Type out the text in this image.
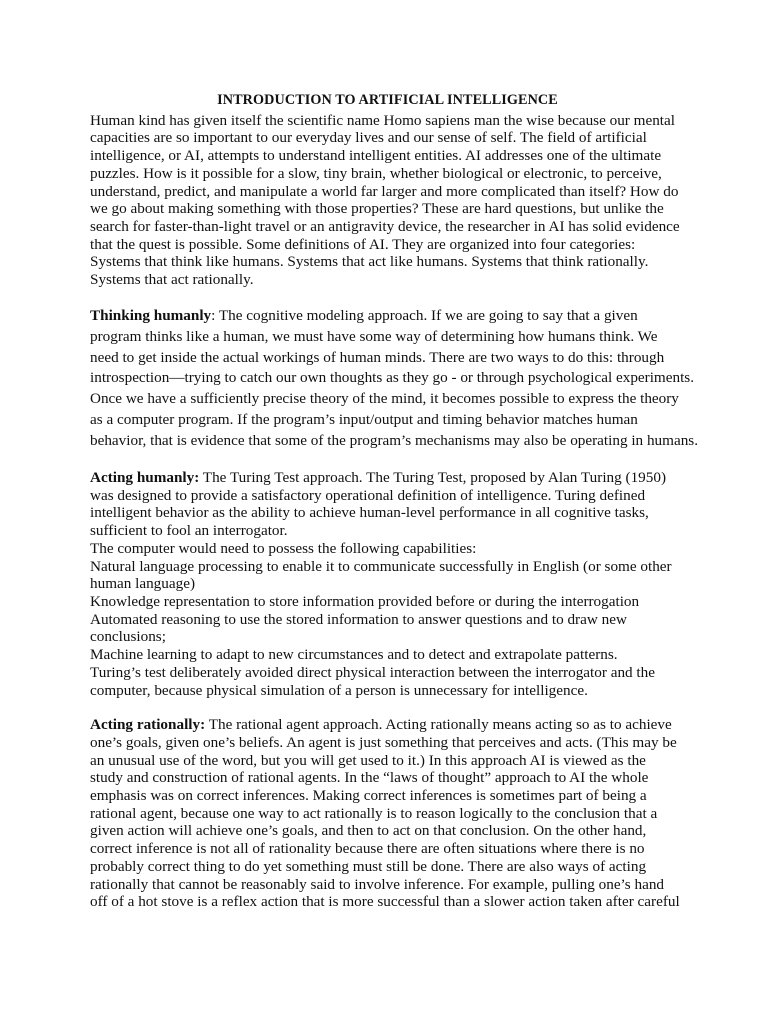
INTRODUCTION TO ARTIFICIAL INTELLIGENCE

Human kind has given itself the scientific name Homo sapiens man the wise because our mental
capacities are so important to our everyday lives and our sense of self. The field of artificial
intelligence, or AI, attempts to understand intelligent entities. AI addresses one of the ultimate
puzzles. How is it possible for a slow, tiny brain, whether biological or electronic, to perceive,
understand, predict, and manipulate a world far larger and more complicated than itself? How do
we go about making something with those properties? These are hard questions, but unlike the
search for faster-than-light travel or an antigravity device, the researcher in AI has solid evidence
that the quest is possible. Some definitions of AI. They are organized into four categories:
Systems that think like humans. Systems that act like humans. Systems that think rationally.
Systems that act rationally.

Thinking humanly: The cognitive modeling approach. If we are going to say that a given
program thinks like a human, we must have some way of determining how humans think. We
need to get inside the actual workings of human minds. There are two ways to do this: through
introspection—trying to catch our own thoughts as they go - or through psychological experiments.
Once we have a sufficiently precise theory of the mind, it becomes possible to express the theory
as a computer program. If the program’s input/output and timing behavior matches human
behavior, that is evidence that some of the program’s mechanisms may also be operating in humans.

Acting humanly: The Turing Test approach. The Turing Test, proposed by Alan Turing (1950)
was designed to provide a satisfactory operational definition of intelligence. Turing defined
intelligent behavior as the ability to achieve human-level performance in all cognitive tasks,
sufficient to fool an interrogator.
The computer would need to possess the following capabilities:
Natural language processing to enable it to communicate successfully in English (or some other
human language)
Knowledge representation to store information provided before or during the interrogation
Automated reasoning to use the stored information to answer questions and to draw new
conclusions;
Machine learning to adapt to new circumstances and to detect and extrapolate patterns.
Turing’s test deliberately avoided direct physical interaction between the interrogator and the
computer, because physical simulation of a person is unnecessary for intelligence.

Acting rationally: The rational agent approach. Acting rationally means acting so as to achieve
one’s goals, given one’s beliefs. An agent is just something that perceives and acts. (This may be
an unusual use of the word, but you will get used to it.) In this approach AI is viewed as the
study and construction of rational agents. In the “laws of thought” approach to AI the whole
emphasis was on correct inferences. Making correct inferences is sometimes part of being a
rational agent, because one way to act rationally is to reason logically to the conclusion that a
given action will achieve one’s goals, and then to act on that conclusion. On the other hand,
correct inference is not all of rationality because there are often situations where there is no
probably correct thing to do yet something must still be done. There are also ways of acting
rationally that cannot be reasonably said to involve inference. For example, pulling one’s hand
off of a hot stove is a reflex action that is more successful than a slower action taken after careful
